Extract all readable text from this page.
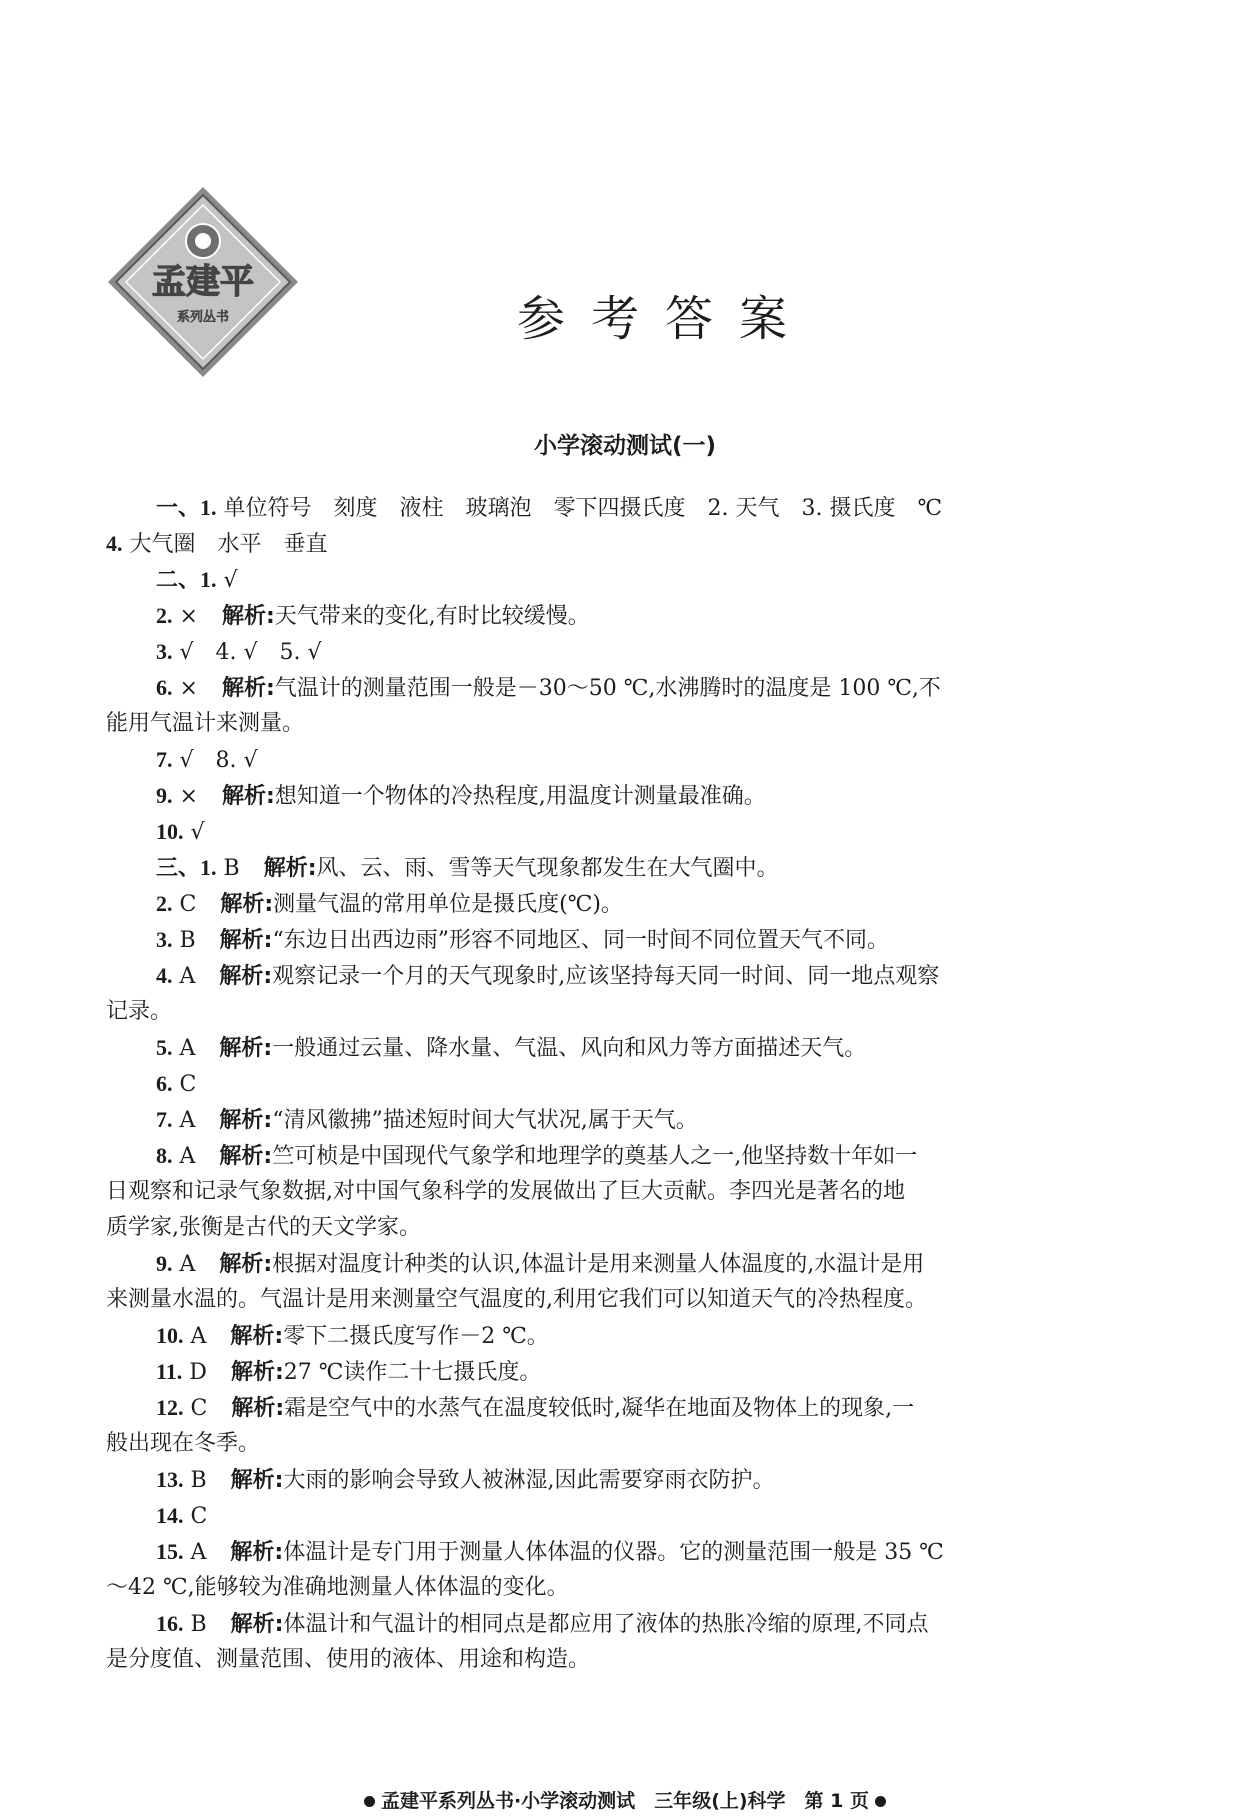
孟建平
系列丛书	参考答案
小学滚动测试(一)
一、1. 单位符号　刻度　液柱　玻璃泡　零下四摄氏度　2. 天气　3. 摄氏度　℃
4. 大气圈　水平　垂直
二、1. √
2. × 解析:天气带来的变化,有时比较缓慢。
3. √　4. √　5. √
6. × 解析:气温计的测量范围一般是－30～50 ℃,水沸腾时的温度是 100 ℃,不
能用气温计来测量。
7. √　8. √
9. × 解析:想知道一个物体的冷热程度,用温度计测量最准确。
10. √
三、1. B 解析:风、云、雨、雪等天气现象都发生在大气圈中。
2. C 解析:测量气温的常用单位是摄氏度(℃)。
3. B 解析:“东边日出西边雨”形容不同地区、同一时间不同位置天气不同。
4. A 解析:观察记录一个月的天气现象时,应该坚持每天同一时间、同一地点观察
记录。
5. A 解析:一般通过云量、降水量、气温、风向和风力等方面描述天气。
6. C
7. A 解析:“清风徽拂”描述短时间大气状况,属于天气。
8. A 解析:竺可桢是中国现代气象学和地理学的奠基人之一,他坚持数十年如一
日观察和记录气象数据,对中国气象科学的发展做出了巨大贡献。李四光是著名的地
质学家,张衡是古代的天文学家。
9. A 解析:根据对温度计种类的认识,体温计是用来测量人体温度的,水温计是用
来测量水温的。气温计是用来测量空气温度的,利用它我们可以知道天气的冷热程度。
10. A 解析:零下二摄氏度写作－2 ℃。
11. D 解析:27 ℃读作二十七摄氏度。
12. C 解析:霜是空气中的水蒸气在温度较低时,凝华在地面及物体上的现象,一
般出现在冬季。
13. B 解析:大雨的影响会导致人被淋湿,因此需要穿雨衣防护。
14. C
15. A 解析:体温计是专门用于测量人体体温的仪器。它的测量范围一般是 35 ℃
～42 ℃,能够较为准确地测量人体体温的变化。
16. B 解析:体温计和气温计的相同点是都应用了液体的热胀冷缩的原理,不同点
是分度值、测量范围、使用的液体、用途和构造。
孟建平系列丛书·小学滚动测试　三年级(上)科学　第 1 页
